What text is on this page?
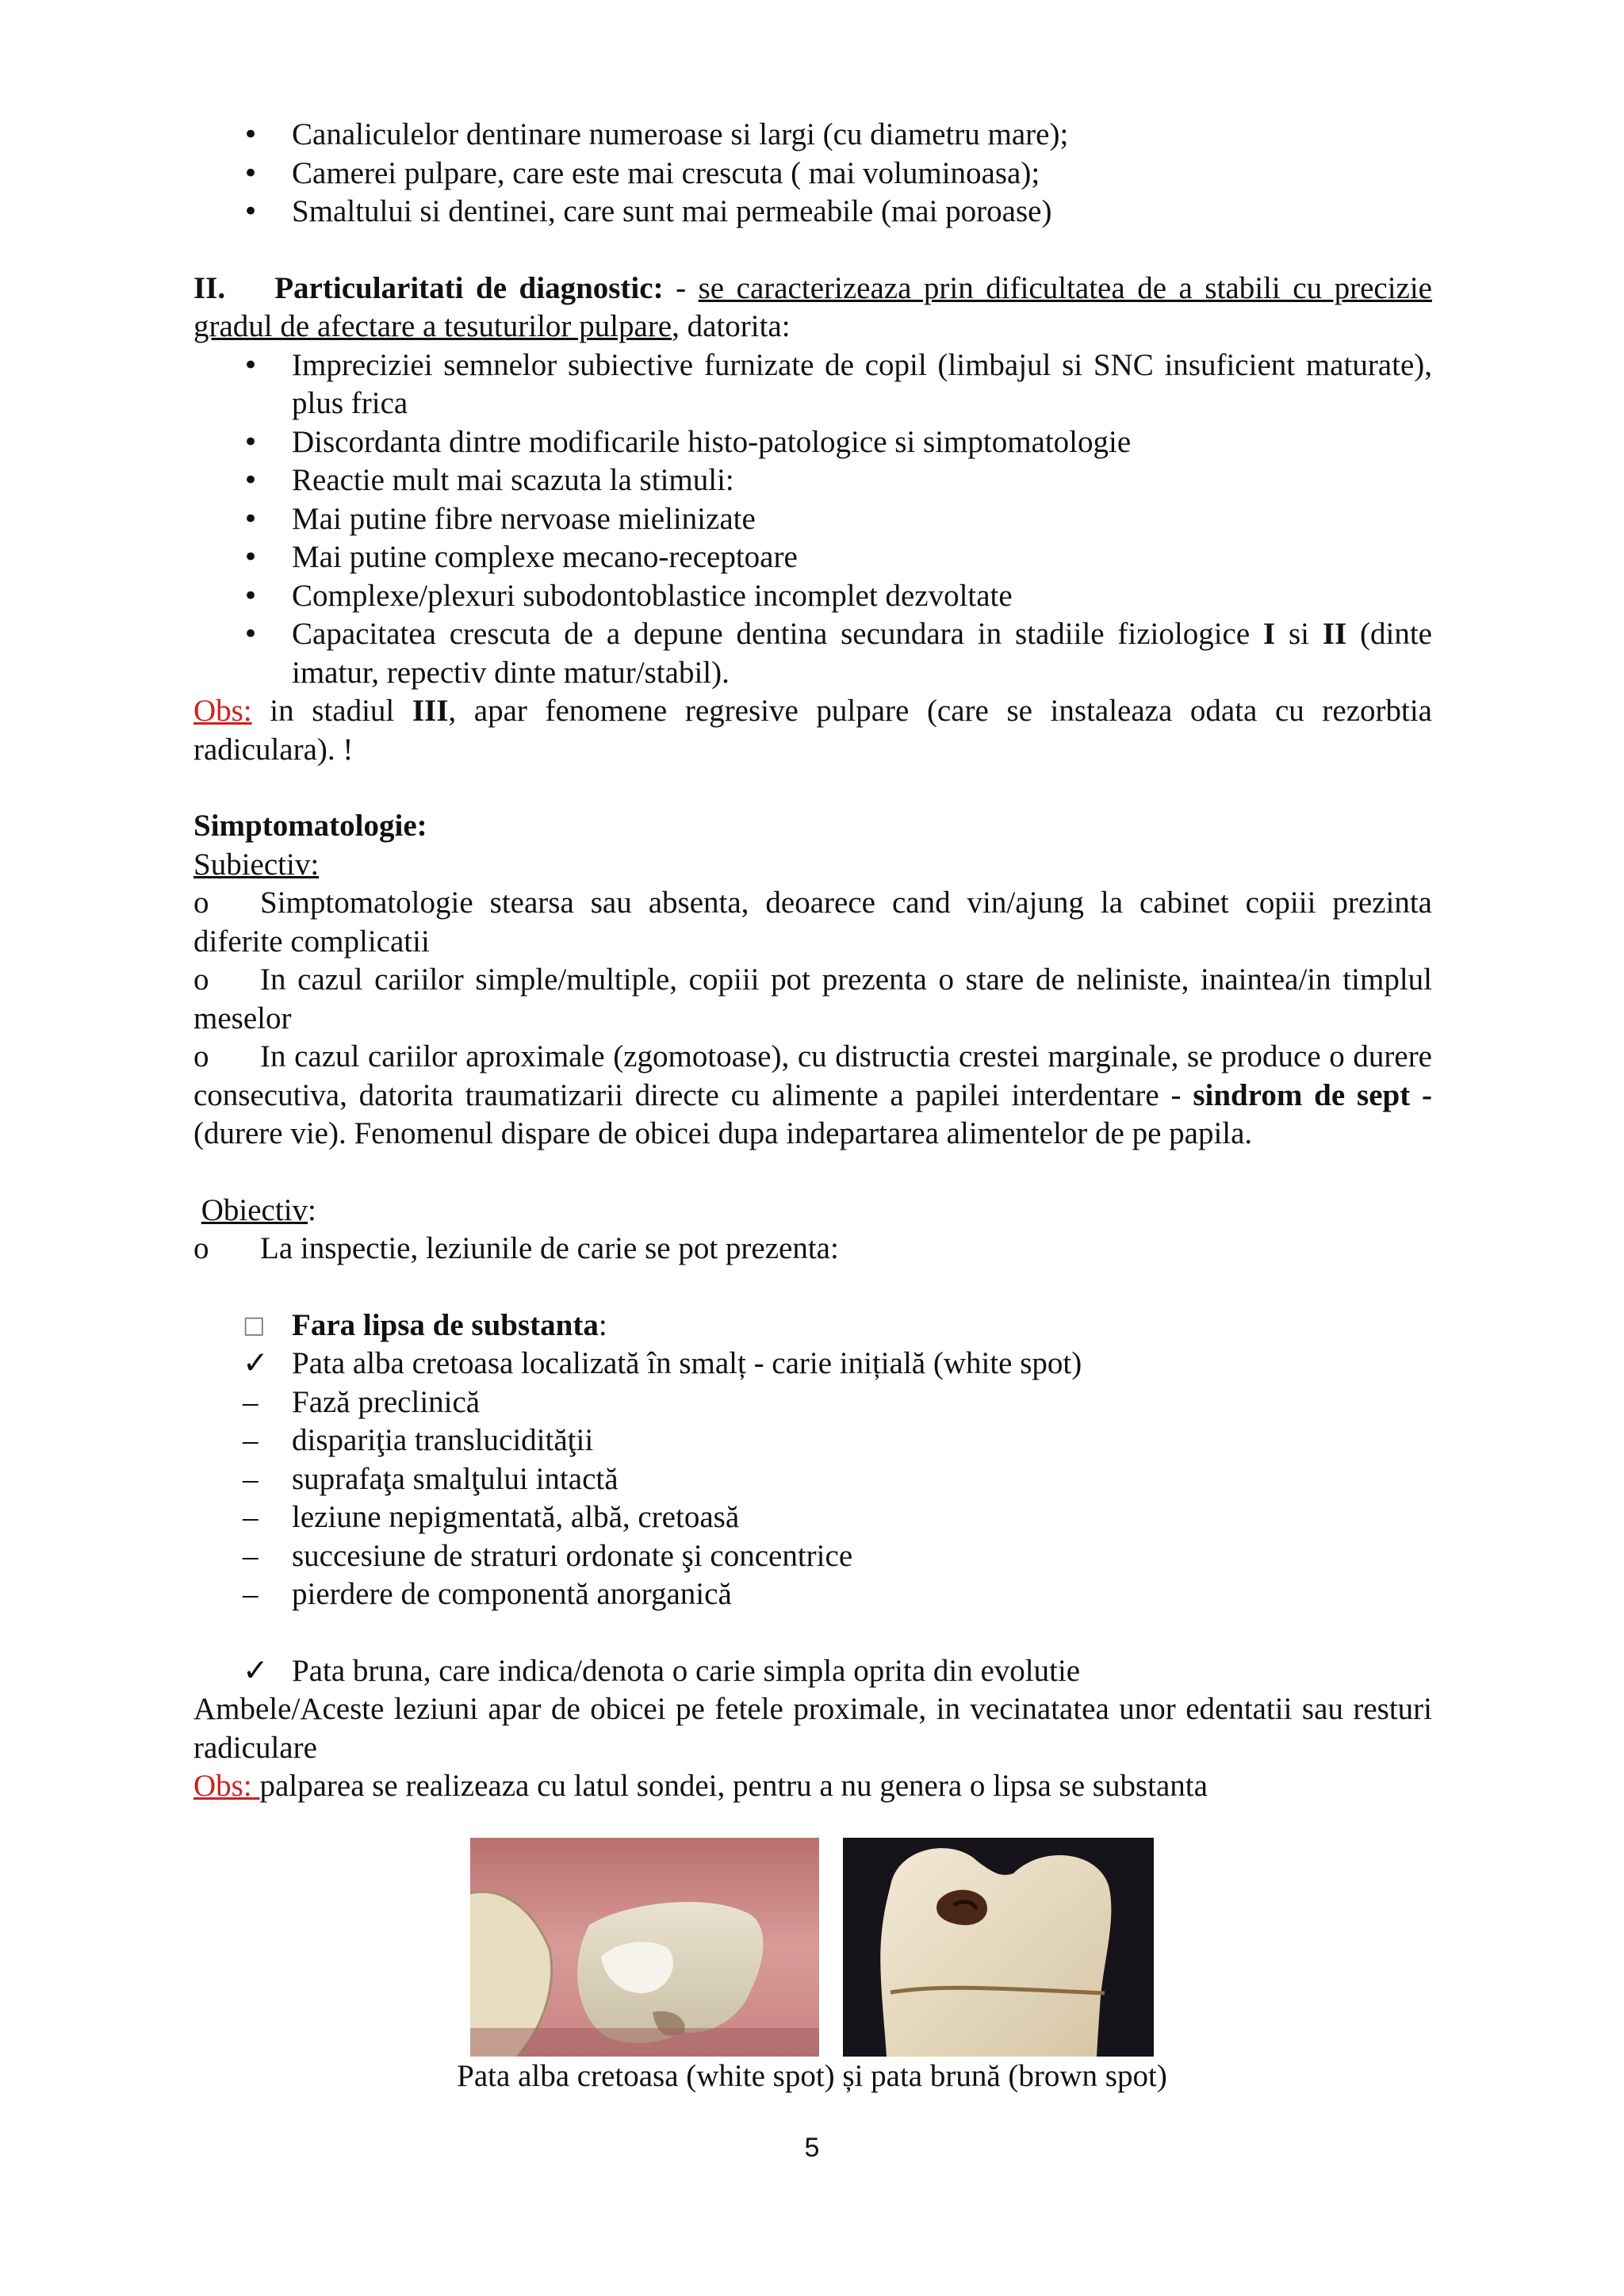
• Canaliculelor dentinare numeroase si largi (cu diametru mare);
• Camerei pulpare, care este mai crescuta ( mai voluminoasa);
• Smaltului si dentinei, care sunt mai permeabile (mai poroase)

II. Particularitati de diagnostic: - se caracterizeaza prin dificultatea de a stabili cu precizie gradul de afectare a tesuturilor pulpare, datorita:

• Impreciziei semnelor subiective furnizate de copil (limbajul si SNC insuficient maturate), plus frica
• Discordanta dintre modificarile histo-patologice si simptomatologie
• Reactie mult mai scazuta la stimuli:
• Mai putine fibre nervoase mielinizate
• Mai putine complexe mecano-receptoare
• Complexe/plexuri subodontoblastice incomplet dezvoltate
• Capacitatea crescuta de a depune dentina secundara in stadiile fiziologice I si II (dinte imatur, repectiv dinte matur/stabil).

Obs: in stadiul III, apar fenomene regresive pulpare (care se instaleaza odata cu rezorbtia radiculara). !

Simptomatologie:

Subiectiv:

o Simptomatologie stearsa sau absenta, deoarece cand vin/ajung la cabinet copiii prezinta diferite complicatii

o In cazul cariilor simple/multiple, copiii pot prezenta o stare de neliniste, inaintea/in timplul meselor

o In cazul cariilor aproximale (zgomotoase), cu distructia crestei marginale, se produce o durere consecutiva, datorita traumatizarii directe cu alimente a papilei interdentare - sindrom de sept - (durere vie). Fenomenul dispare de obicei dupa indepartarea alimentelor de pe papila.

Obiectiv:

o La inspectie, leziunile de carie se pot prezenta:

□ Fara lipsa de substanta:
✓ Pata alba cretoasa localizată în smalț - carie inițială (white spot)
–	Fază preclinică
–	dispariţia translucidităţii
–	suprafaţa smalţului intactă
–	leziune nepigmentată, albă, cretoasă
–	succesiune de straturi ordonate şi concentrice
–	pierdere de componentă anorganică
✓ Pata bruna, care indica/denota o carie simpla oprita din evolutie

Ambele/Aceste leziuni apar de obicei pe fetele proximale, in vecinatatea unor edentatii sau resturi radiculare

Obs: palparea se realizeaza cu latul sondei, pentru a nu genera o lipsa se substanta

Pata alba cretoasa (white spot) și pata brună (brown spot)
5
